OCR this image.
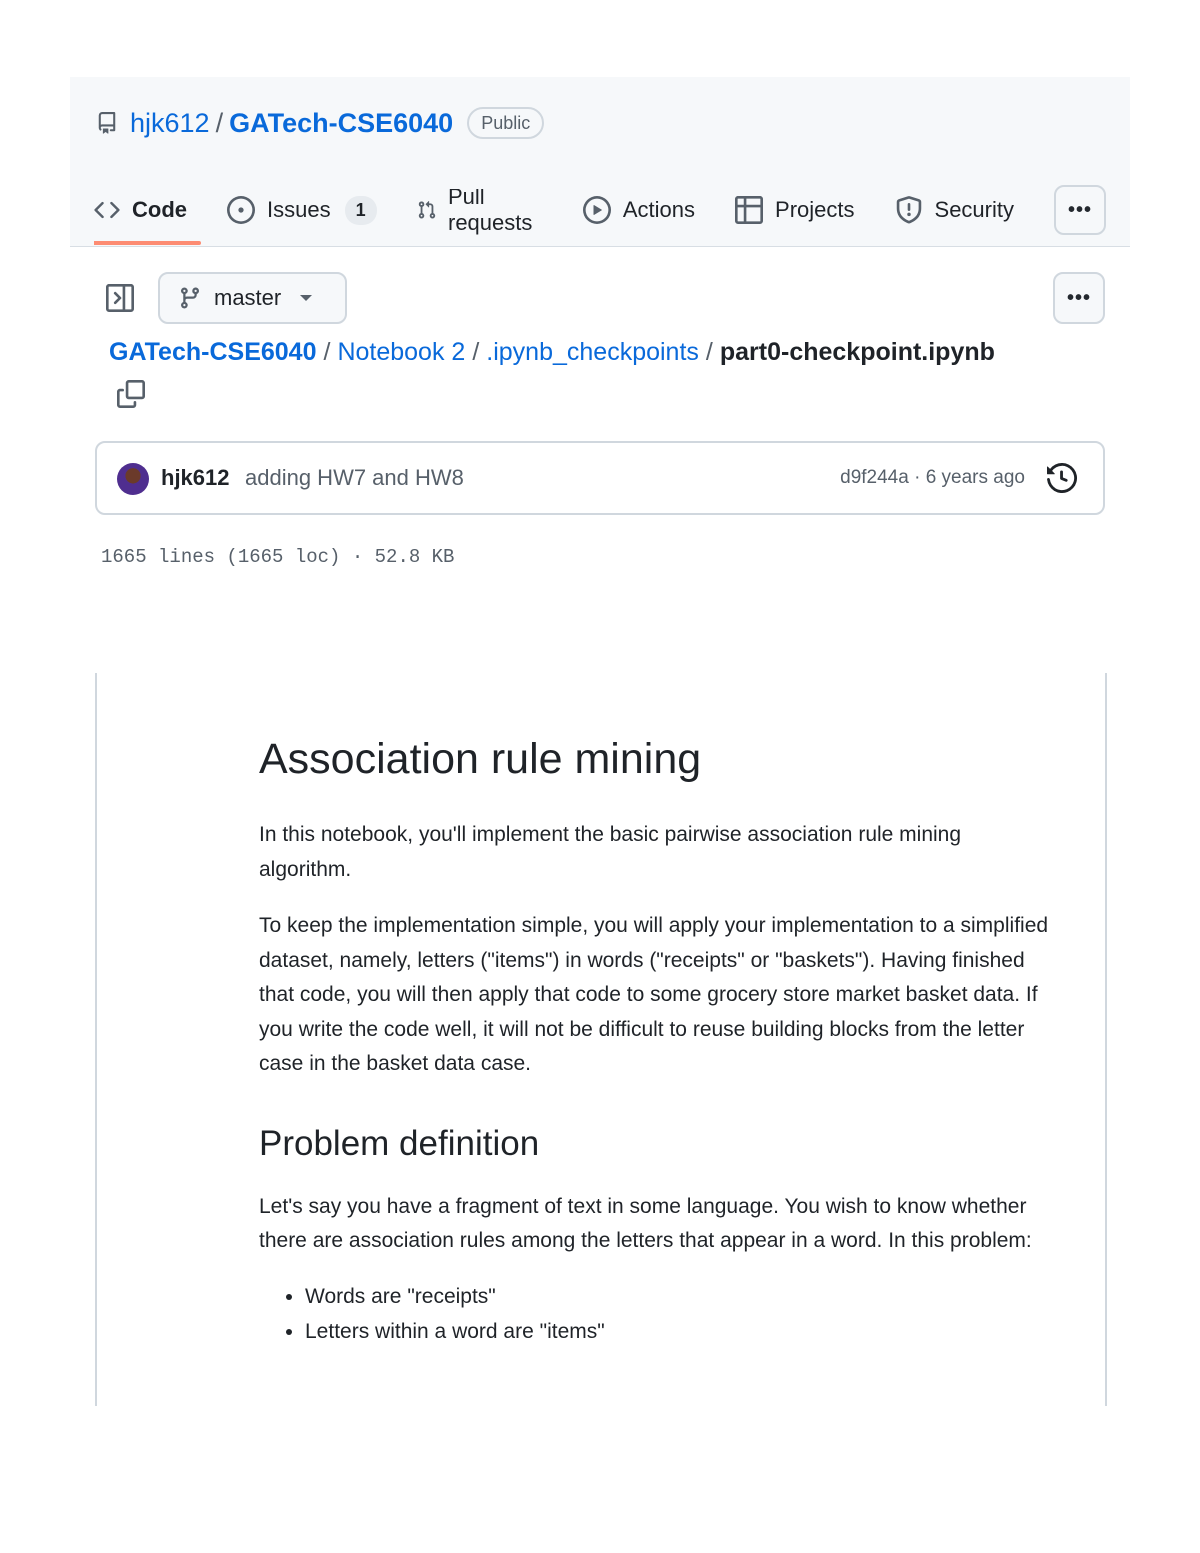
hjk612 / GATech-CSE6040	Public
Code	Issues	1
Pull requests
Actions	Projects	Security	•••
master	•••
GATech-CSE6040 / Notebook 2 / .ipynb_checkpoints / part0-checkpoint.ipynb
hjk612 adding HW7 and HW8	d9f244a · 6 years ago
1665 lines (1665 loc) · 52.8 KB
Association rule mining

In this notebook, you'll implement the basic pairwise association rule mining algorithm.

To keep the implementation simple, you will apply your implementation to a simplified dataset, namely, letters ("items") in words ("receipts" or "baskets"). Having finished that code, you will then apply that code to some grocery store market basket data. If you write the code well, it will not be difficult to reuse building blocks from the letter case in the basket data case.

Problem definition

Let's say you have a fragment of text in some language. You wish to know whether there are association rules among the letters that appear in a word. In this problem:

• Words are "receipts"
• Letters within a word are "items"
